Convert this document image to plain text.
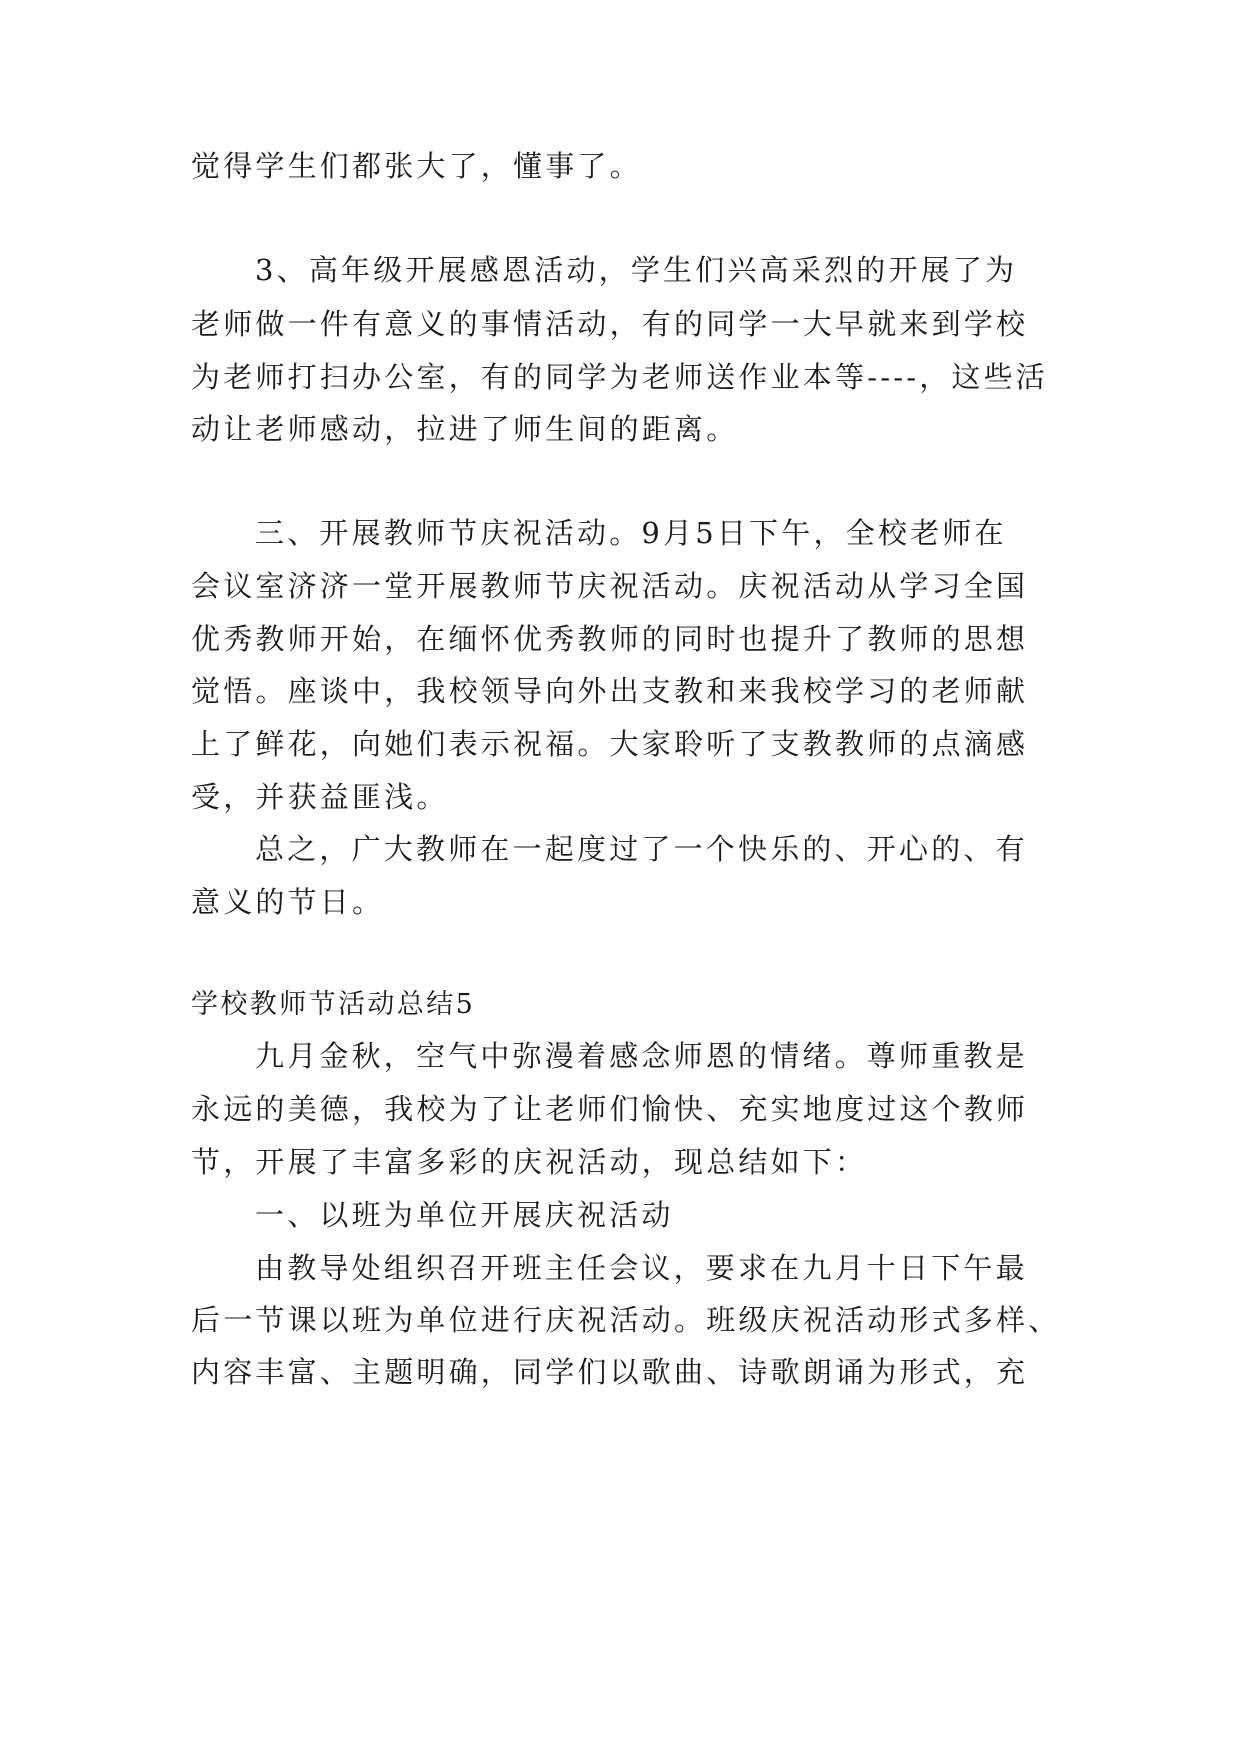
觉得学生们都张大了，懂事了。
3、高年级开展感恩活动，学生们兴高采烈的开展了为
老师做一件有意义的事情活动，有的同学一大早就来到学校
为老师打扫办公室，有的同学为老师送作业本等----，这些活
动让老师感动，拉进了师生间的距离。
三、开展教师节庆祝活动。9月5日下午，全校老师在
会议室济济一堂开展教师节庆祝活动。庆祝活动从学习全国
优秀教师开始，在缅怀优秀教师的同时也提升了教师的思想
觉悟。座谈中，我校领导向外出支教和来我校学习的老师献
上了鲜花，向她们表示祝福。大家聆听了支教教师的点滴感
受，并获益匪浅。
总之，广大教师在一起度过了一个快乐的、开心的、有
意义的节日。
学校教师节活动总结5
九月金秋，空气中弥漫着感念师恩的情绪。尊师重教是
永远的美德，我校为了让老师们愉快、充实地度过这个教师
节，开展了丰富多彩的庆祝活动，现总结如下：
一、以班为单位开展庆祝活动
由教导处组织召开班主任会议，要求在九月十日下午最
后一节课以班为单位进行庆祝活动。班级庆祝活动形式多样、
内容丰富、主题明确，同学们以歌曲、诗歌朗诵为形式，充
